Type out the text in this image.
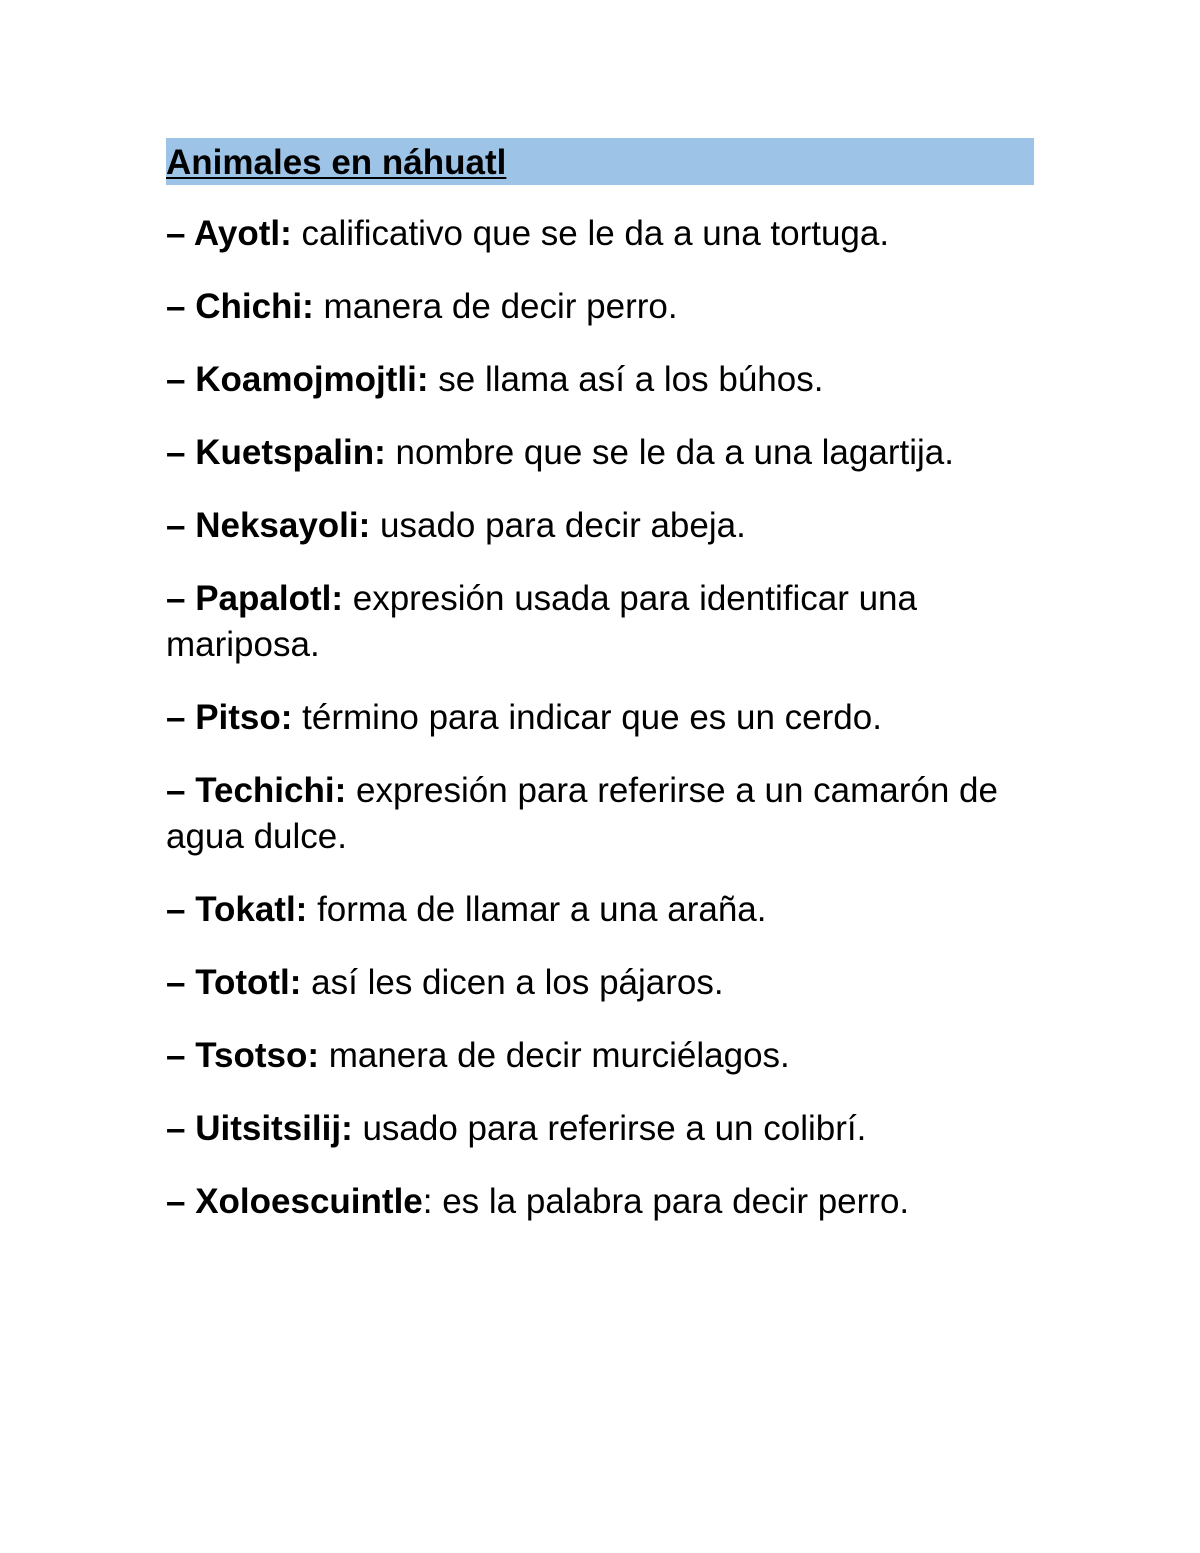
Animales en náhuatl
– Ayotl: calificativo que se le da a una tortuga.
– Chichi: manera de decir perro.
– Koamojmojtli: se llama así a los búhos.
– Kuetspalin: nombre que se le da a una lagartija.
– Neksayoli: usado para decir abeja.
– Papalotl: expresión usada para identificar una mariposa.
– Pitso: término para indicar que es un cerdo.
– Techichi: expresión para referirse a un camarón de agua dulce.
– Tokatl: forma de llamar a una araña.
– Tototl: así les dicen a los pájaros.
– Tsotso: manera de decir murciélagos.
– Uitsitsilij: usado para referirse a un colibrí.
– Xoloescuintle: es la palabra para decir perro.
